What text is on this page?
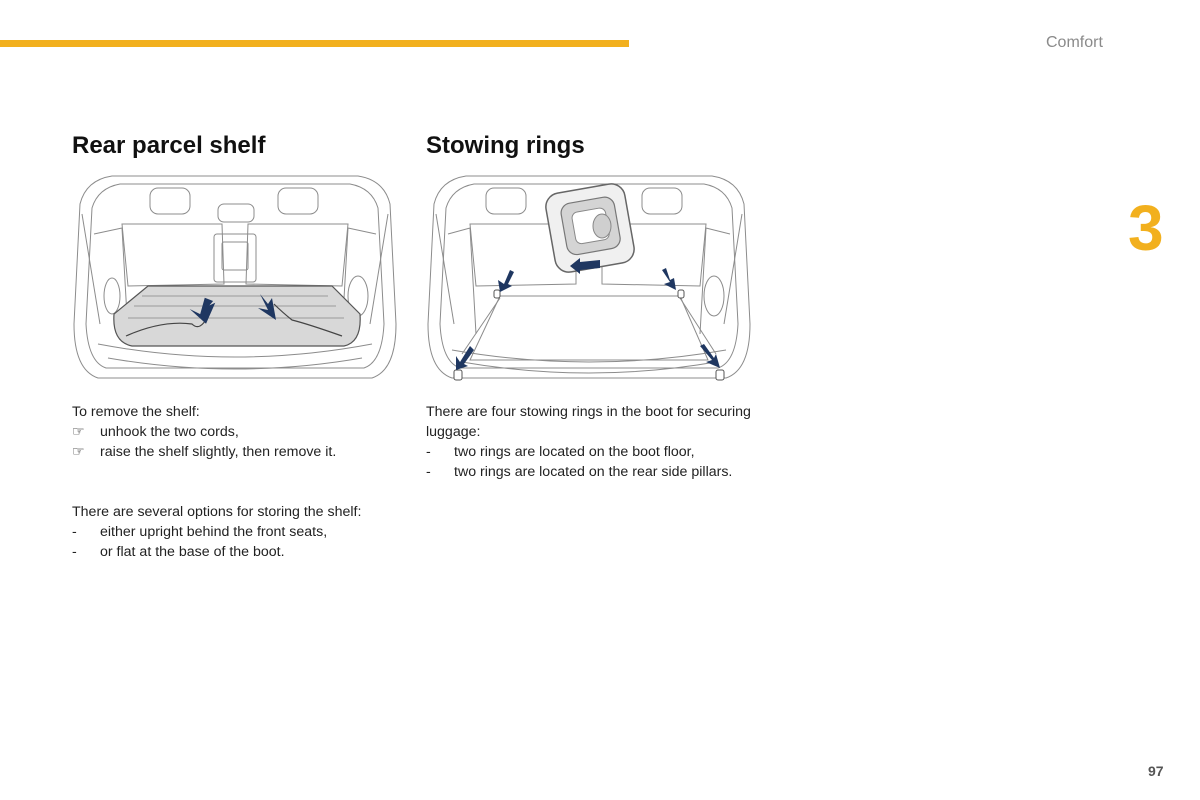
Comfort
3
Rear parcel shelf

To remove the shelf:

☞	unhook the two cords,
☞	raise the shelf slightly, then remove it.

There are several options for storing the shelf:

-	either upright behind the front seats,
-	or flat at the base of the boot.
Stowing rings

There are four stowing rings in the boot for securing luggage:

-	two rings are located on the boot floor,
-	two rings are located on the rear side pillars.
97
